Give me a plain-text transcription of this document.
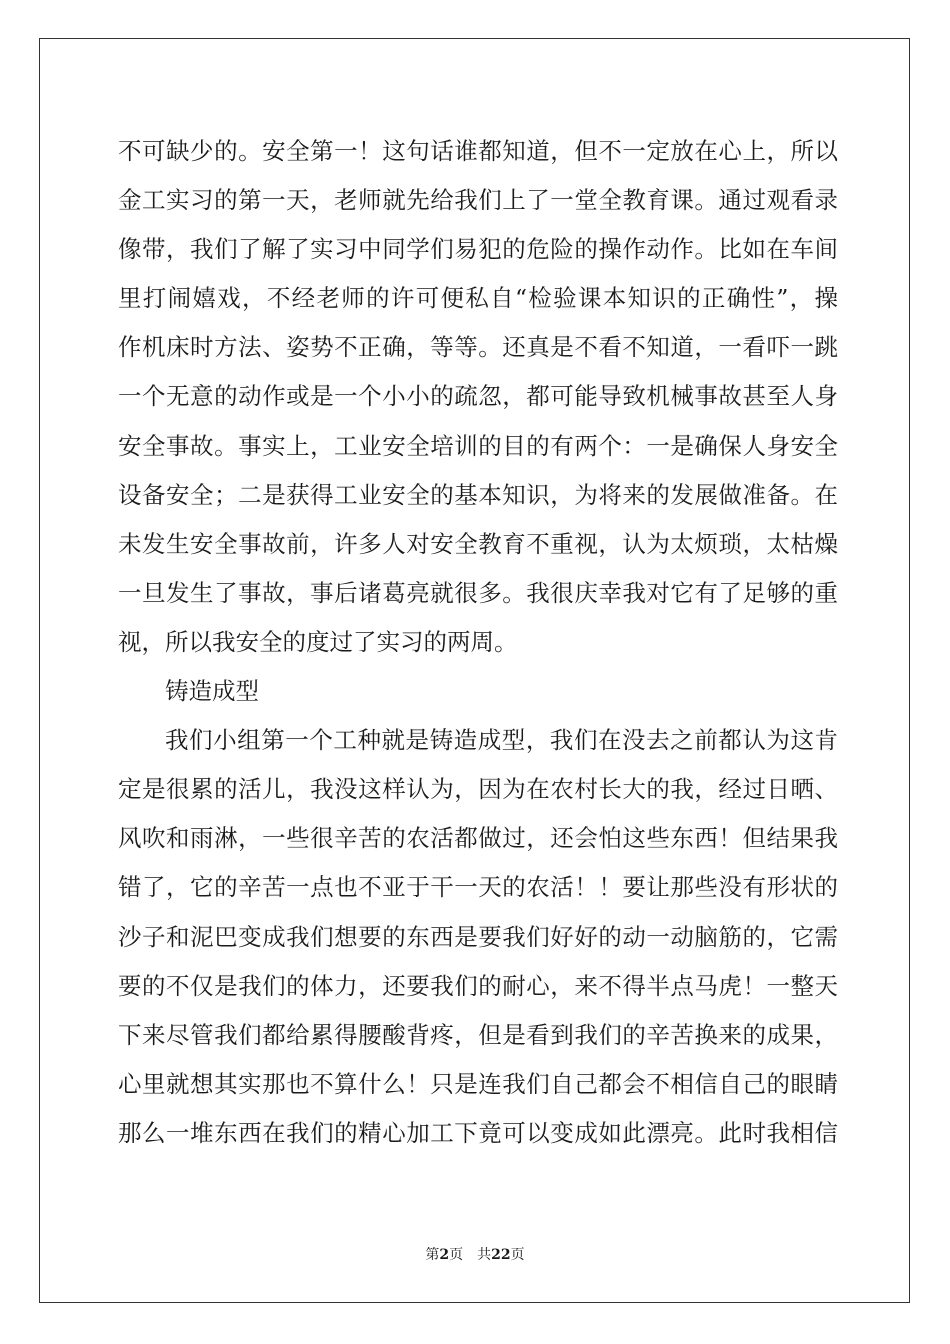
不可缺少的。安全第一！这句话谁都知道，但不一定放在心上，所以
金工实习的第一天，老师就先给我们上了一堂全教育课。通过观看录
像带，我们了解了实习中同学们易犯的危险的操作动作。比如在车间
里打闹嬉戏，不经老师的许可便私自“检验课本知识的正确性”，操
作机床时方法、姿势不正确，等等。还真是不看不知道，一看吓一跳
一个无意的动作或是一个小小的疏忽，都可能导致机械事故甚至人身
安全事故。事实上，工业安全培训的目的有两个：一是确保人身安全
设备安全；二是获得工业安全的基本知识，为将来的发展做准备。在
未发生安全事故前，许多人对安全教育不重视，认为太烦琐，太枯燥
一旦发生了事故，事后诸葛亮就很多。我很庆幸我对它有了足够的重
视，所以我安全的度过了实习的两周。
铸造成型
我们小组第一个工种就是铸造成型，我们在没去之前都认为这肯
定是很累的活儿，我没这样认为，因为在农村长大的我，经过日晒、
风吹和雨淋，一些很辛苦的农活都做过，还会怕这些东西！但结果我
错了，它的辛苦一点也不亚于干一天的农活！！要让那些没有形状的
沙子和泥巴变成我们想要的东西是要我们好好的动一动脑筋的，它需
要的不仅是我们的体力，还要我们的耐心，来不得半点马虎！一整天
下来尽管我们都给累得腰酸背疼，但是看到我们的辛苦换来的成果，
心里就想其实那也不算什么！只是连我们自己都会不相信自己的眼睛
那么一堆东西在我们的精心加工下竟可以变成如此漂亮。此时我相信
第2页 共22页
